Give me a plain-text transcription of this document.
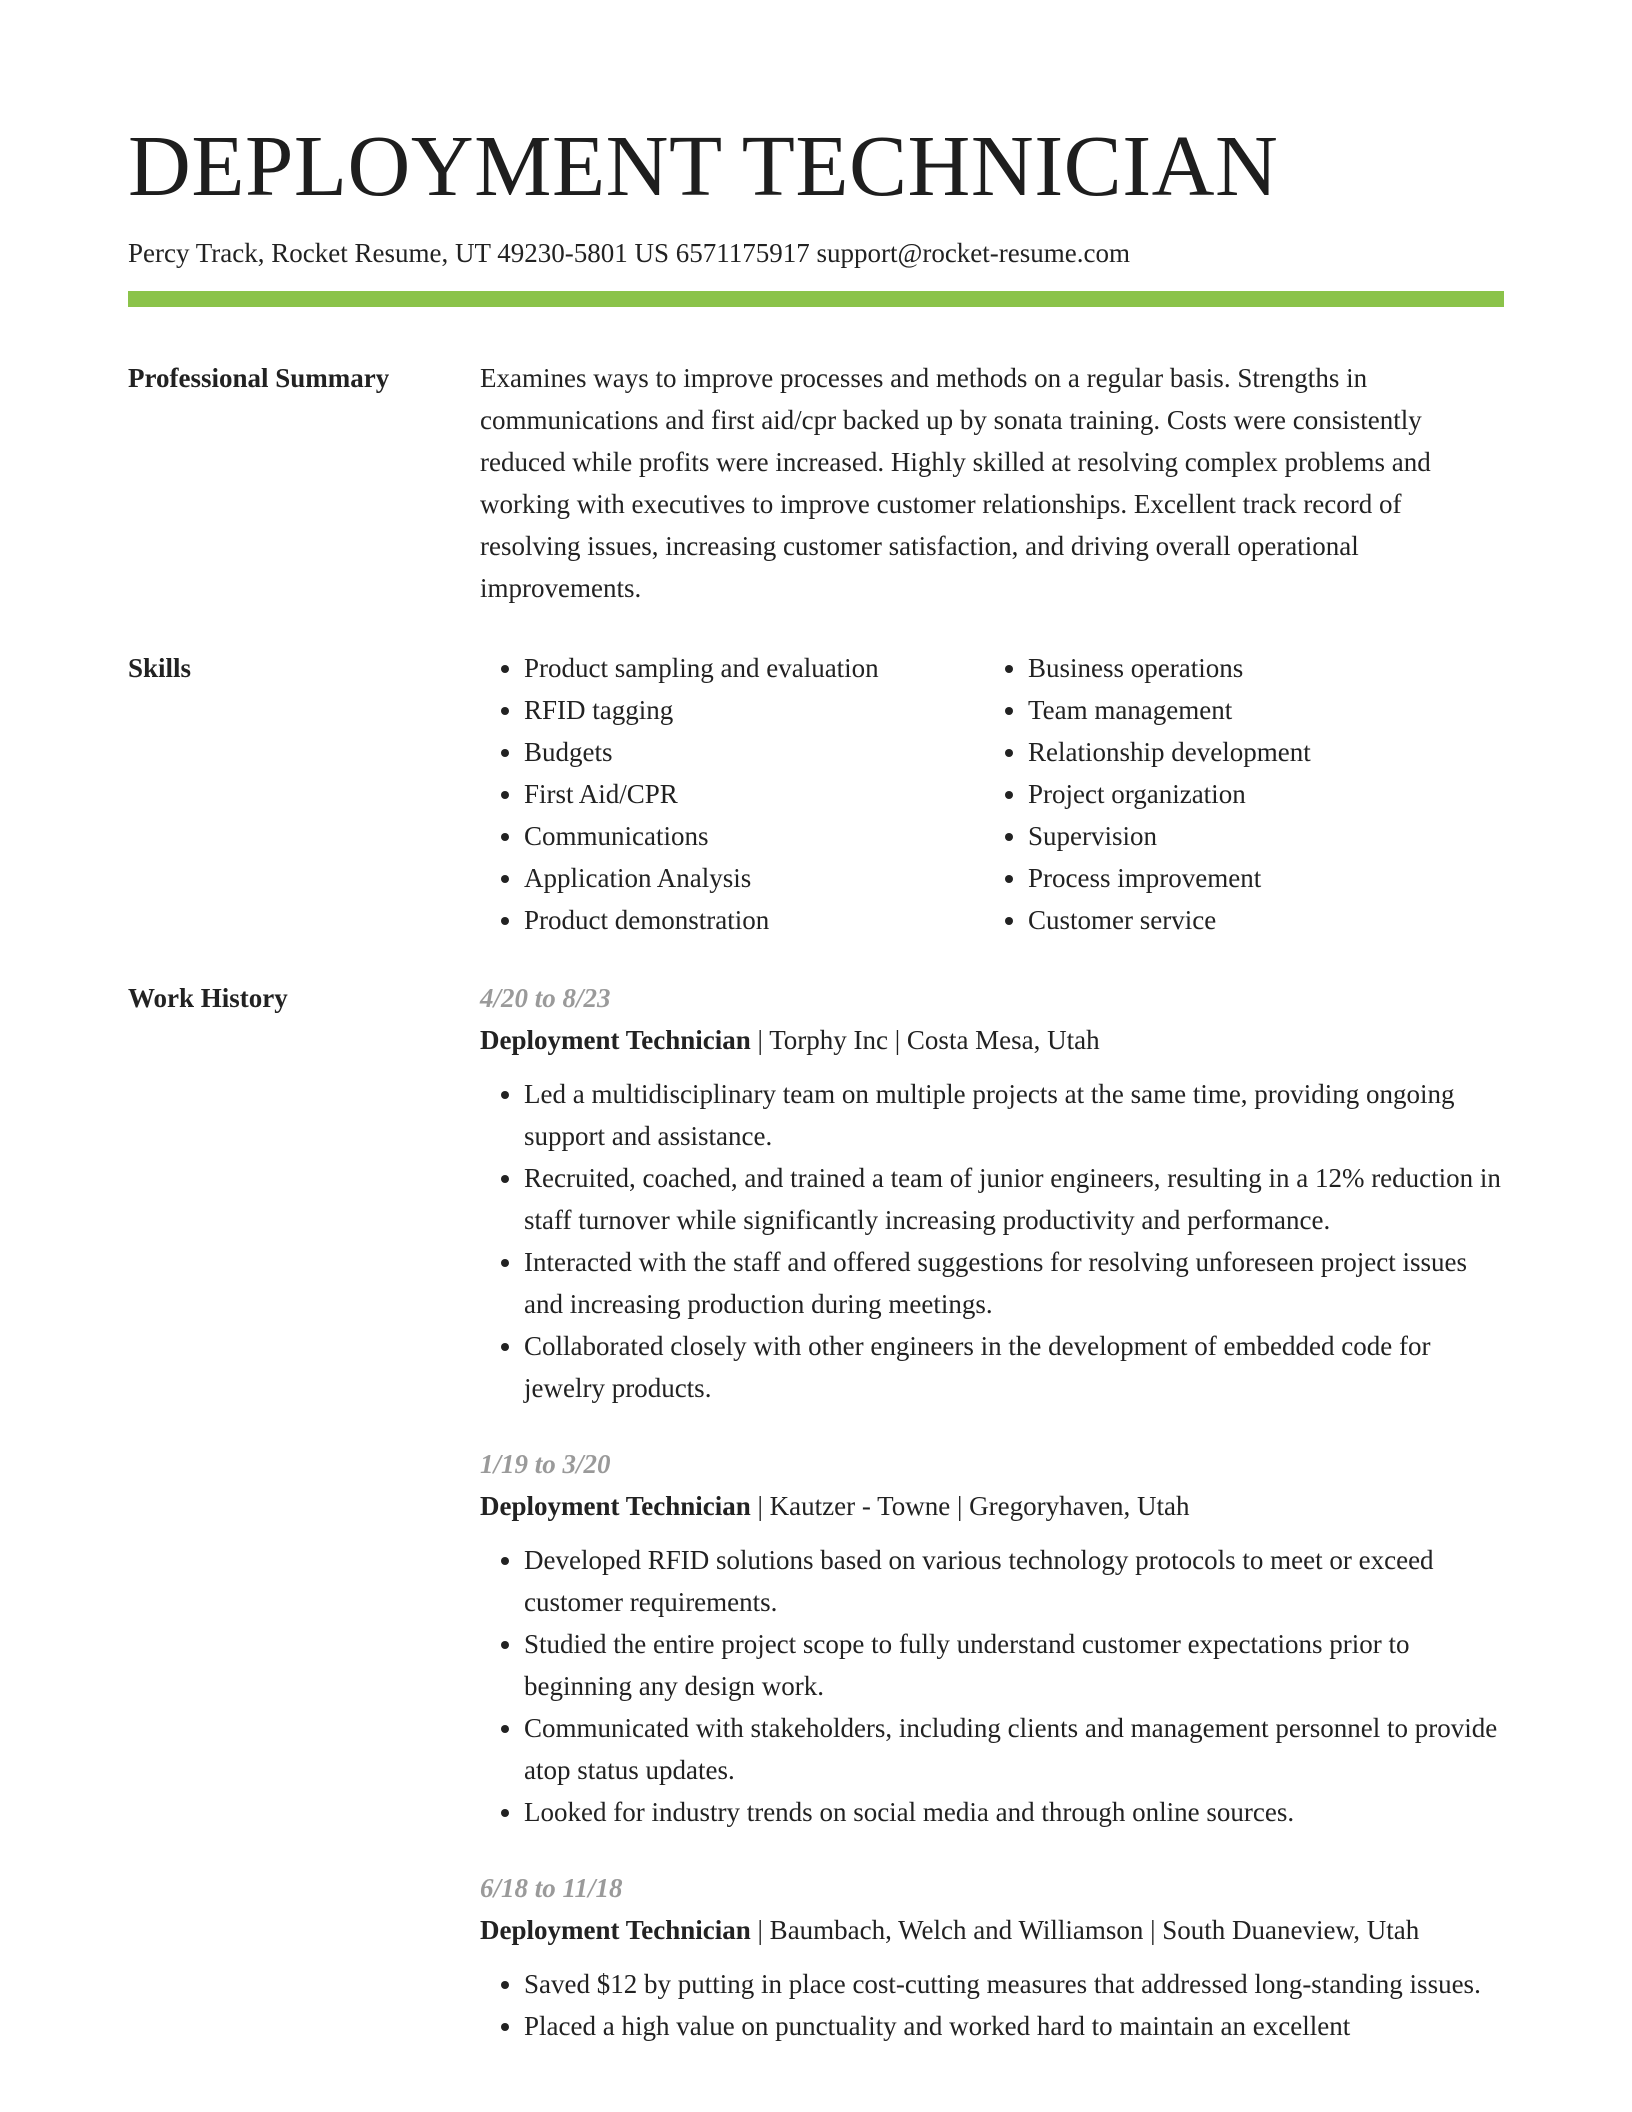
DEPLOYMENT TECHNICIAN
Percy Track, Rocket Resume, UT 49230-5801 US 6571175917 support@rocket-resume.com
Professional Summary	Examines ways to improve processes and methods on a regular basis. Strengths in communications and first aid/cpr backed up by sonata training. Costs were consistently reduced while profits were increased. Highly skilled at resolving complex problems and working with executives to improve customer relationships. Excellent track record of resolving issues, increasing customer satisfaction, and driving overall operational improvements.
Skills
•	Product sampling and evaluation
• RFID tagging
• Budgets
• First Aid/CPR
• Communications
• Application Analysis
• Product demonstration
• Business operations
• Team management
• Relationship development
• Project organization
• Supervision
• Process improvement
• Customer service
Work History	4/20 to 8/23
Deployment Technician | Torphy Inc | Costa Mesa, Utah
• Led a multidisciplinary team on multiple projects at the same time, providing ongoing support and assistance.
• Recruited, coached, and trained a team of junior engineers, resulting in a 12% reduction in staff turnover while significantly increasing productivity and performance.
• Interacted with the staff and offered suggestions for resolving unforeseen project issues and increasing production during meetings.
• Collaborated closely with other engineers in the development of embedded code for jewelry products.
1/19 to 3/20
Deployment Technician | Kautzer - Towne | Gregoryhaven, Utah
• Developed RFID solutions based on various technology protocols to meet or exceed customer requirements.
• Studied the entire project scope to fully understand customer expectations prior to beginning any design work.
• Communicated with stakeholders, including clients and management personnel to provide atop status updates.
• Looked for industry trends on social media and through online sources.
6/18 to 11/18
Deployment Technician | Baumbach, Welch and Williamson | South Duaneview, Utah
• Saved $12 by putting in place cost-cutting measures that addressed long-standing issues.
• Placed a high value on punctuality and worked hard to maintain an excellent
